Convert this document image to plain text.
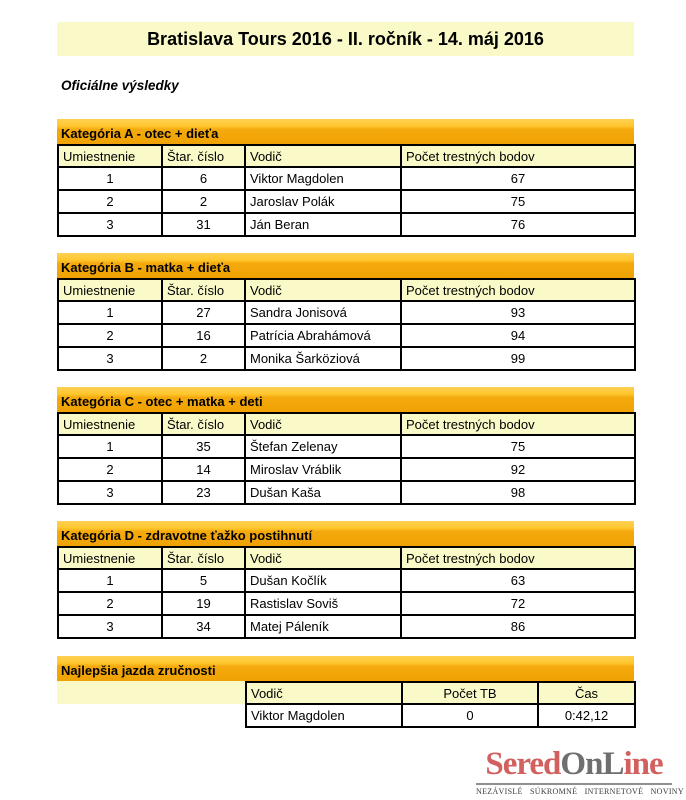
Bratislava Tours 2016 - II. ročník - 14. máj 2016
Oficiálne výsledky
Kategória A - otec + dieťa
Umiestnenie	Štar. číslo	Vodič	Počet trestných bodov
1	6	Viktor Magdolen	67
2	2	Jaroslav Polák	75
3	31	Ján Beran	76
Kategória B - matka + dieťa
Umiestnenie	Štar. číslo	Vodič	Počet trestných bodov
1	27	Sandra Jonisová	93
2	16	Patrícia Abrahámová	94
3	2	Monika Šarköziová	99
Kategória C - otec + matka + deti
Umiestnenie	Štar. číslo	Vodič	Počet trestných bodov
1	35	Štefan Zelenay	75
2	14	Miroslav Vráblik	92
3	23	Dušan Kaša	98
Kategória D - zdravotne ťažko postihnutí
Umiestnenie	Štar. číslo	Vodič	Počet trestných bodov
1	5	Dušan Kočlík	63
2	19	Rastislav Soviš	72
3	34	Matej Páleník	86
Najlepšia jazda zručnosti
Vodič	Počet TB	Čas
Viktor Magdolen	0	0:42,12
SeredOnLine
NEZÁVISLÉ SÚKROMNÉ INTERNETOVÉ NOVINY
